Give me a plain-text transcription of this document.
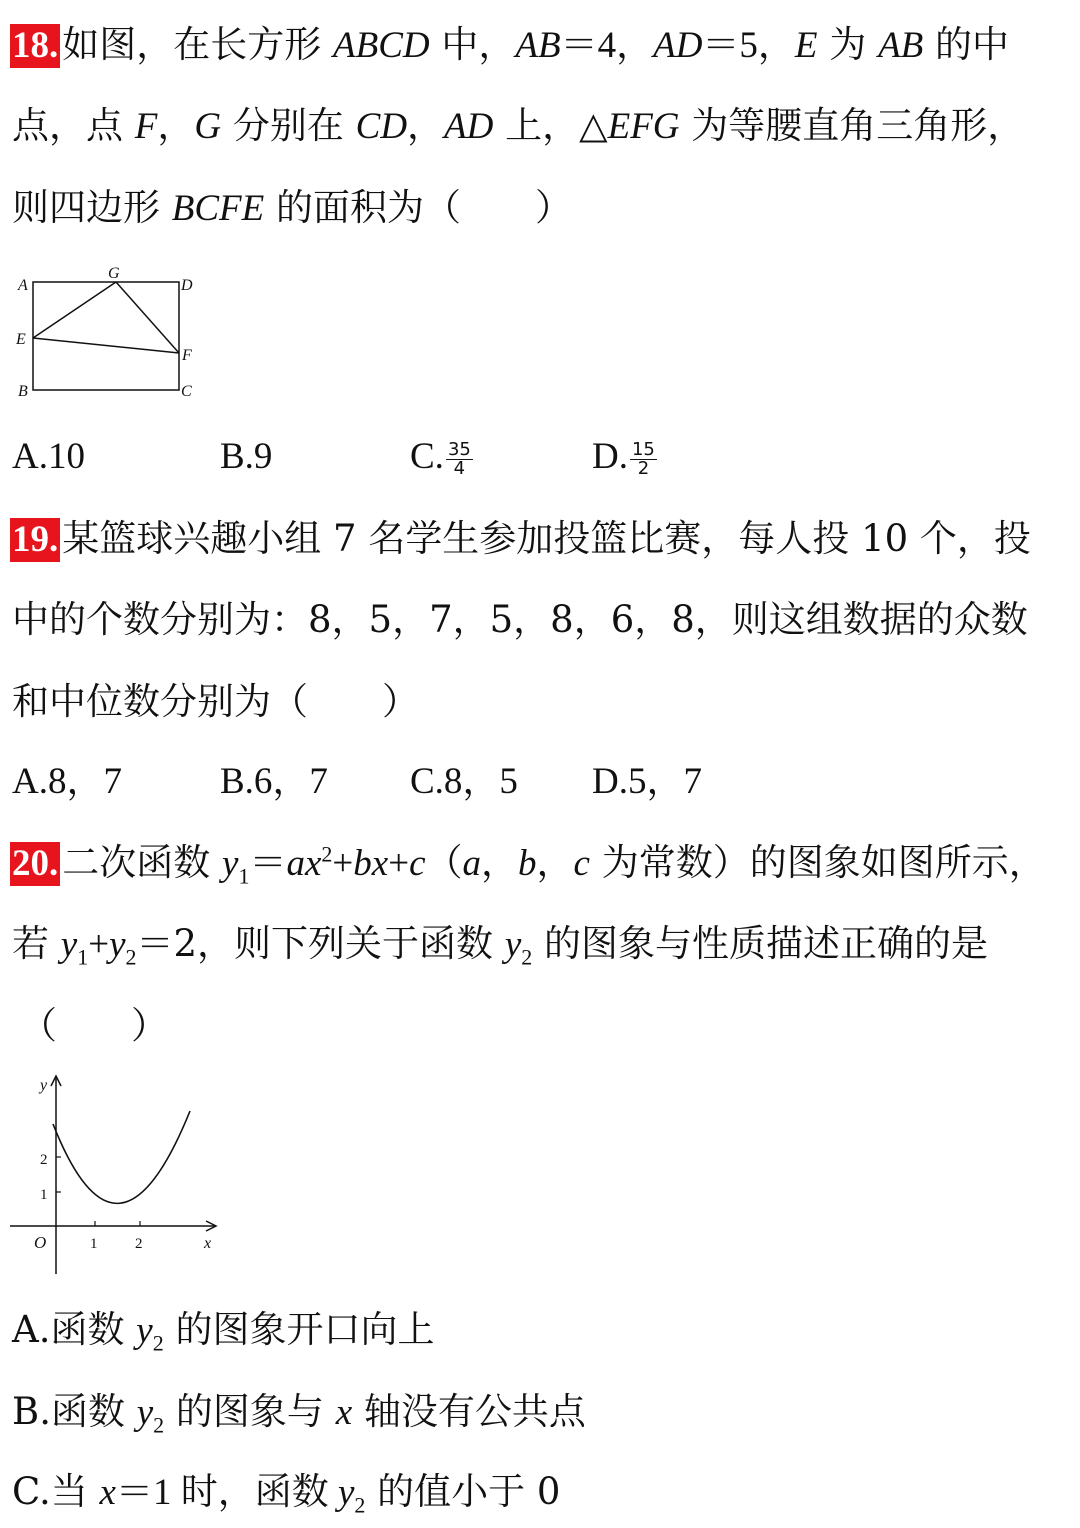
18. 如图，在长方形 ABCD 中，AB＝4，AD＝5，E 为 AB 的中
点，点 F，G 分别在 CD，AD 上，△EFG 为等腰直角三角形，
则四边形 BCFE 的面积为（　　）
A
G
D
E
F
B	C
A.10	B.9	C. $\frac{35}{4}$	D. $\frac{15}{2}$
19. 某篮球兴趣小组 7 名学生参加投篮比赛，每人投 10 个，投
中的个数分别为：8，5，7，5，8，6，8，则这组数据的众数
和中位数分别为（　　）
A.8，7	B.6，7 C.8，5 D.5，7
20. 二次函数 $y_1=ax^2+bx+c(a$，b，c 为常数）的图象如图所示，
若 $y_1+y_2=2$，则下列关于函数 $y_2$ 的图象与性质描述正确的是
（　　）
y
x
O
2
1
1	2
A.函数 $y_2$ 的图象开口向上
B.函数 $y_2$ 的图象与 x 轴没有公共点
C.当 x＝1 时，函数 $y_2$ 的值小于 0
